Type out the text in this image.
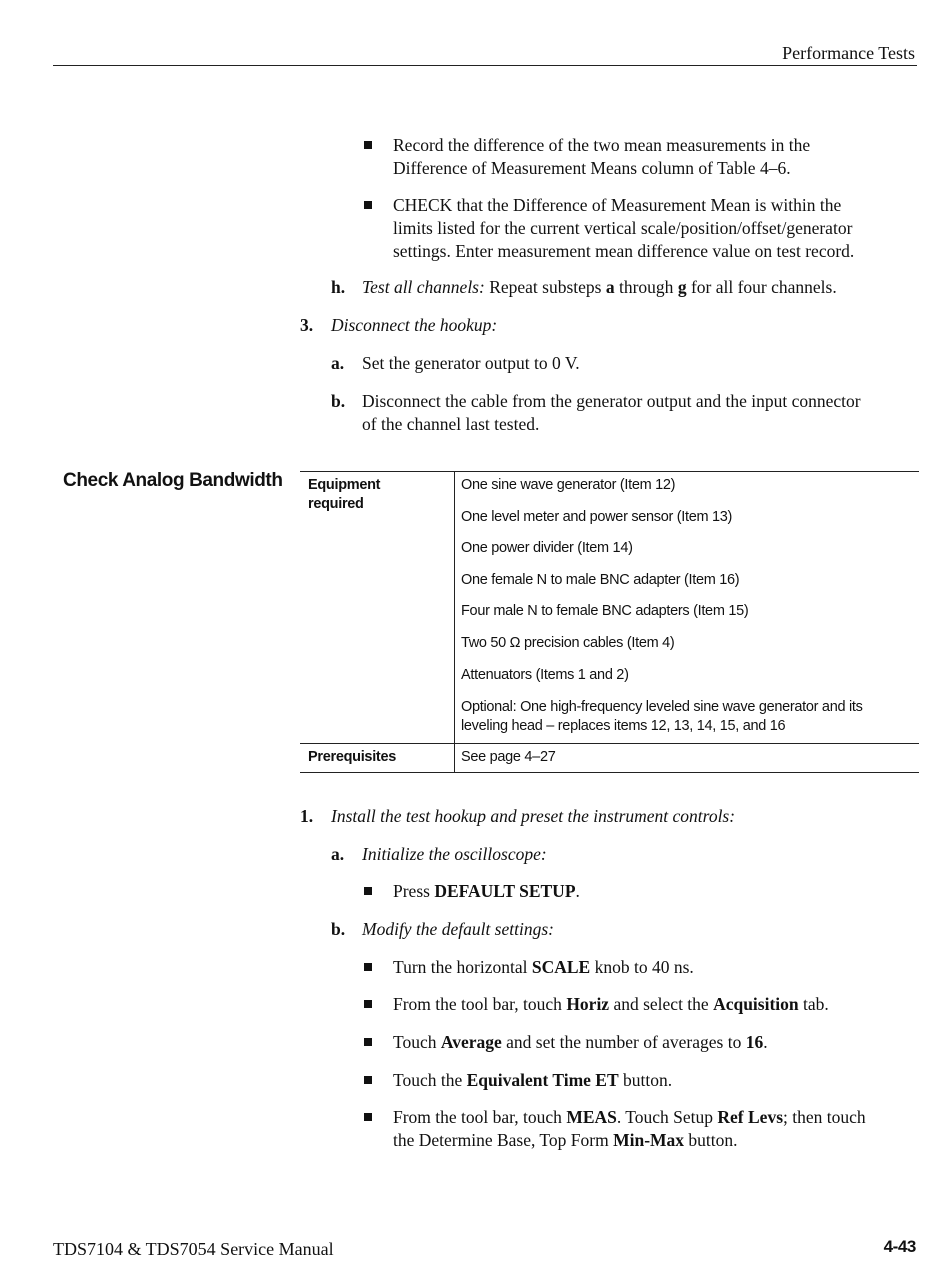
Performance Tests
Record the difference of the two mean measurements in the
Difference of Measurement Means column of Table 4–6.
CHECK that the Difference of Measurement Mean is within the
limits listed for the current vertical scale/position/offset/generator
settings. Enter measurement mean difference value on test record.
h. Test all channels: Repeat substeps a through g for all four channels.
3. Disconnect the hookup:
a. Set the generator output to 0 V.
b. Disconnect the cable from the generator output and the input connector
of the channel last tested.
Check Analog Bandwidth Equipment
required
One sine wave generator (Item 12)
One level meter and power sensor (Item 13)
One power divider (Item 14)
One female N to male BNC adapter (Item 16)
Four male N to female BNC adapters (Item 15)
Two 50 Ω precision cables (Item 4)
Attenuators (Items 1 and 2)
Optional: One high-frequency leveled sine wave generator and its
leveling head – replaces items 12, 13, 14, 15, and 16
Prerequisites	See page 4–27
1. Install the test hookup and preset the instrument controls:
a. Initialize the oscilloscope:
Press DEFAULT SETUP.
b. Modify the default settings:
Turn the horizontal SCALE knob to 40 ns.
From the tool bar, touch Horiz and select the Acquisition tab.
Touch Average and set the number of averages to 16.
Touch the Equivalent Time ET button.
From the tool bar, touch MEAS. Touch Setup Ref Levs; then touch
the Determine Base, Top Form Min-Max button.
TDS7104 & TDS7054 Service Manual	4-43
